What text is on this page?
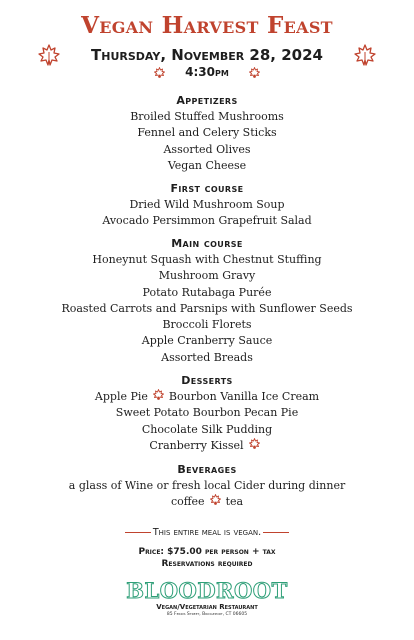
Vegan Harvest Feast
Thursday, November 28, 2024
4:30pm
Appetizers
Broiled Stuffed Mushrooms
Fennel and Celery Sticks
Assorted Olives
Vegan Cheese
First course
Dried Wild Mushroom Soup
Avocado Persimmon Grapefruit Salad
Main course
Honeynut Squash with Chestnut Stuffing
Mushroom Gravy
Potato Rutabaga Purée
Roasted Carrots and Parsnips with Sunflower Seeds
Broccoli Florets
Apple Cranberry Sauce
Assorted Breads
Desserts
Apple Pie Bourbon Vanilla Ice Cream
Sweet Potato Bourbon Pecan Pie
Chocolate Silk Pudding
Cranberry Kissel
Beverages
a glass of Wine or fresh local Cider during dinner
coffee tea
This entire meal is vegan.
Price: $75.00 per person + tax
Reservations required
BLOODROOT
Vegan/Vegetarian Restaurant
85 Ferris Street, Bridgeport, CT 06605
